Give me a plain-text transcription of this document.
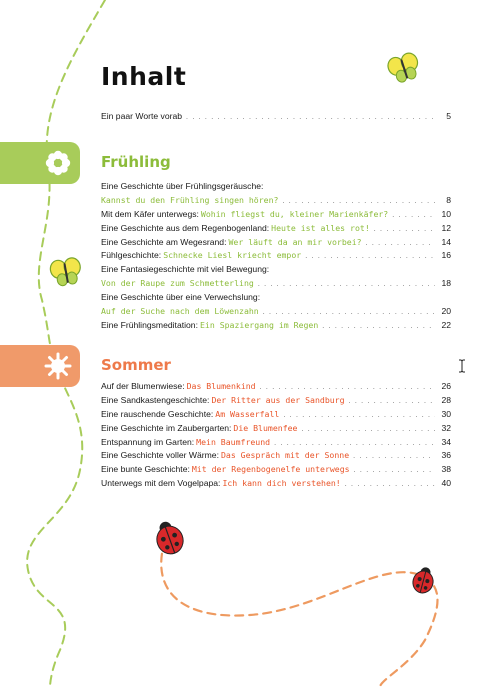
Inhalt
Ein paar Worte vorab . . .	5
Frühling
Eine Geschichte über Frühlingsgeräusche:
Kannst du den Frühling singen hören? . . .	8
Mit dem Käfer unterwegs: Wohin fliegst du, kleiner Marienkäfer? . . .	10
Eine Geschichte aus dem Regenbogenland: Heute ist alles rot! . . .	12
Eine Geschichte am Wegesrand: Wer läuft da an mir vorbei? . . .	14
Fühlgeschichte: Schnecke Liesl kriecht empor . . .	16
Eine Fantasiegeschichte mit viel Bewegung:
Von der Raupe zum Schmetterling . . .	18
Eine Geschichte über eine Verwechslung:
Auf der Suche nach dem Löwenzahn . . .	20
Eine Frühlingsmeditation: Ein Spaziergang im Regen . . .	22
Sommer
Auf der Blumenwiese: Das Blumenkind . . .	26
Eine Sandkastengeschichte: Der Ritter aus der Sandburg . . .	28
Eine rauschende Geschichte: Am Wasserfall . . .	30
Eine Geschichte im Zaubergarten: Die Blumenfee . . .	32
Entspannung im Garten: Mein Baumfreund . . .	34
Eine Geschichte voller Wärme: Das Gespräch mit der Sonne . . .	36
Eine bunte Geschichte: Mit der Regenbogenelfe unterwegs . . .	38
Unterwegs mit dem Vogelpapa: Ich kann dich verstehen! . . .	40
